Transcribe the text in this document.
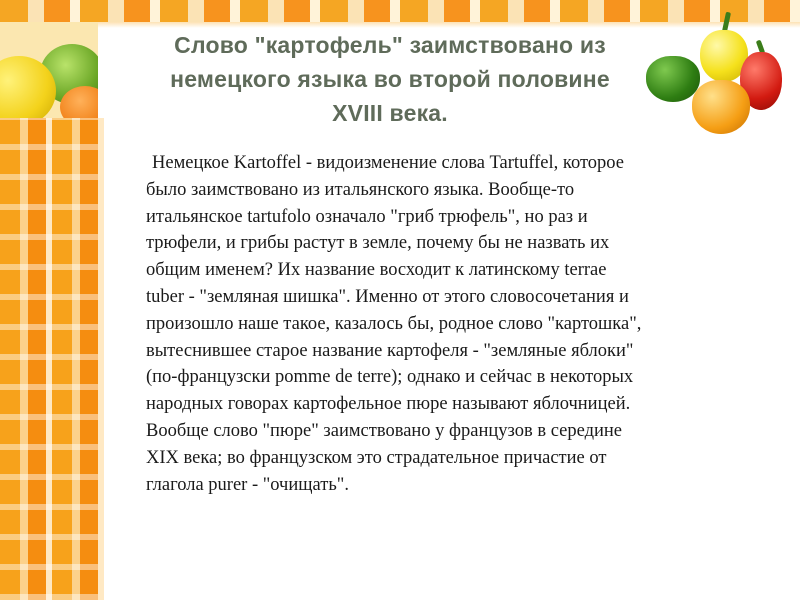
Слово "картофель" заимствовано из
немецкого языка во второй половине
XVIII века.
Немецкое Kartoffel - видоизменение слова Tartuffel, которое
было заимствовано из итальянского языка. Вообще-то
итальянское tartufolo означало "гриб трюфель", но раз и
трюфели, и грибы растут в земле, почему бы не назвать их
общим именем? Их название восходит к латинскому terrae
tuber - "земляная шишка". Именно от этого словосочетания и
произошло наше такое, казалось бы, родное слово "картошка",
вытеснившее старое название картофеля - "земляные яблоки"
(по-французски pomme de terre); однако и сейчас в некоторых
народных говорах картофельное пюре называют яблочницей.
Вообще слово "пюре" заимствовано у французов в середине
XIX века; во французском это страдательное причастие от
глагола purer - "очищать".
